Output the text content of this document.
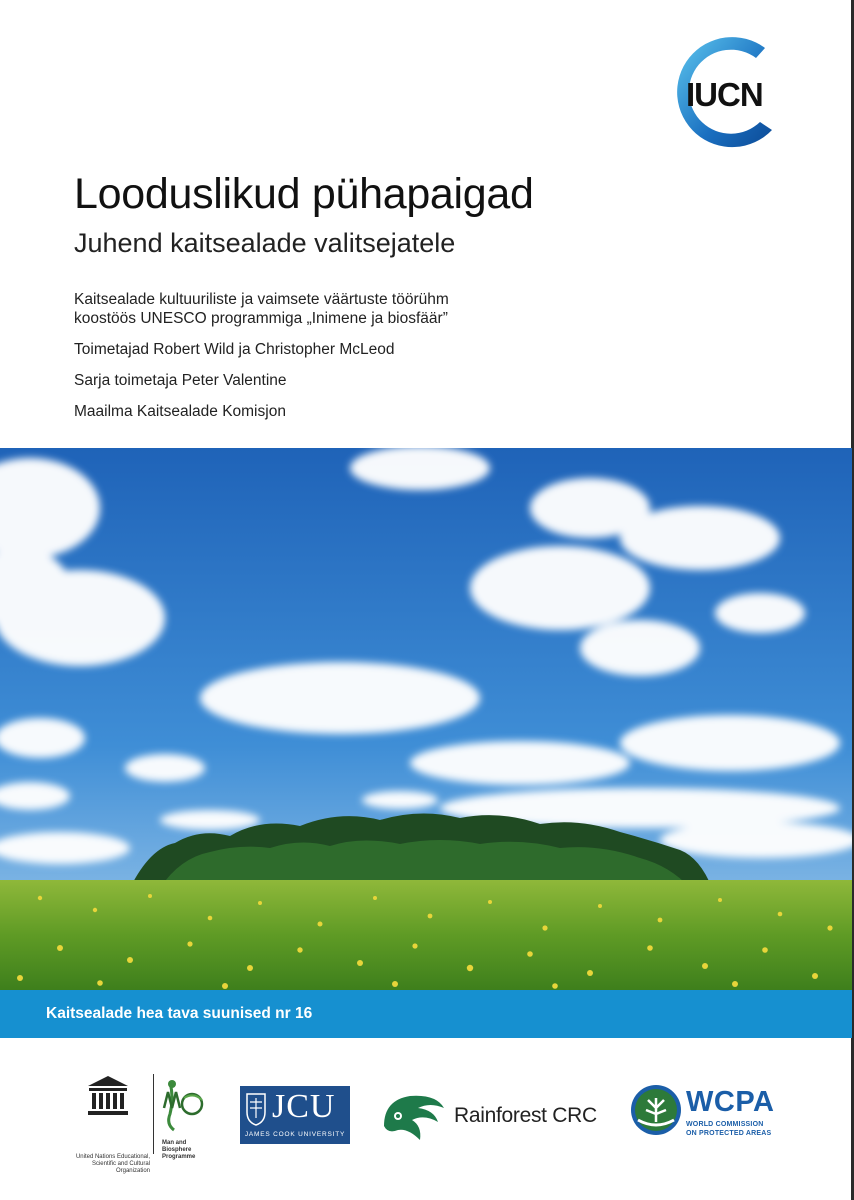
IUCN
Looduslikud pühapaigad
Juhend kaitsealade valitsejatele
Kaitsealade kultuuriliste ja vaimsete väärtuste töörühm
koostöös UNESCO programmiga „Inimene ja biosfäär”
Toimetajad Robert Wild ja Christopher McLeod
Sarja toimetaja Peter Valentine
Maailma Kaitsealade Komisjon
Kaitsealade hea tava suunised nr 16
United Nations Educational, Scientific and Cultural Organization
Man and Biosphere Programme
JCU
JAMES COOK UNIVERSITY
Rainforest CRC	WCPA
WORLD COMMISSION
ON PROTECTED AREAS
